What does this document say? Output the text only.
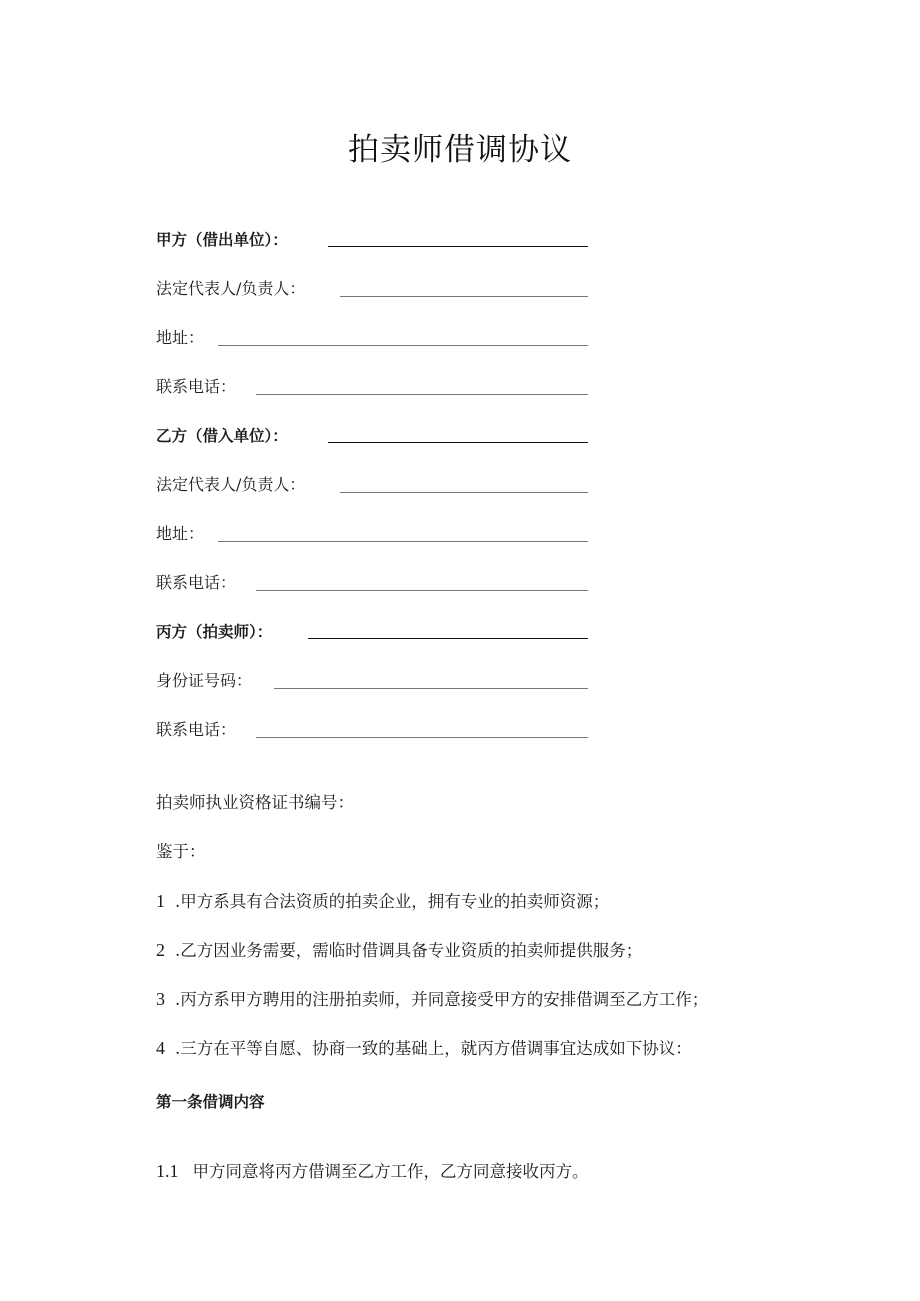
拍卖师借调协议
甲方（借出单位）：
法定代表人/负责人：
地址：
联系电话：
乙方（借入单位）：
法定代表人/负责人：
地址：
联系电话：
丙方（拍卖师）：
身份证号码：
联系电话：
拍卖师执业资格证书编号：
鉴于：
1 .甲方系具有合法资质的拍卖企业，拥有专业的拍卖师资源；
2 .乙方因业务需要，需临时借调具备专业资质的拍卖师提供服务；
3 .丙方系甲方聘用的注册拍卖师，并同意接受甲方的安排借调至乙方工作；
4 .三方在平等自愿、协商一致的基础上，就丙方借调事宜达成如下协议：
第一条借调内容
1.1 甲方同意将丙方借调至乙方工作，乙方同意接收丙方。
